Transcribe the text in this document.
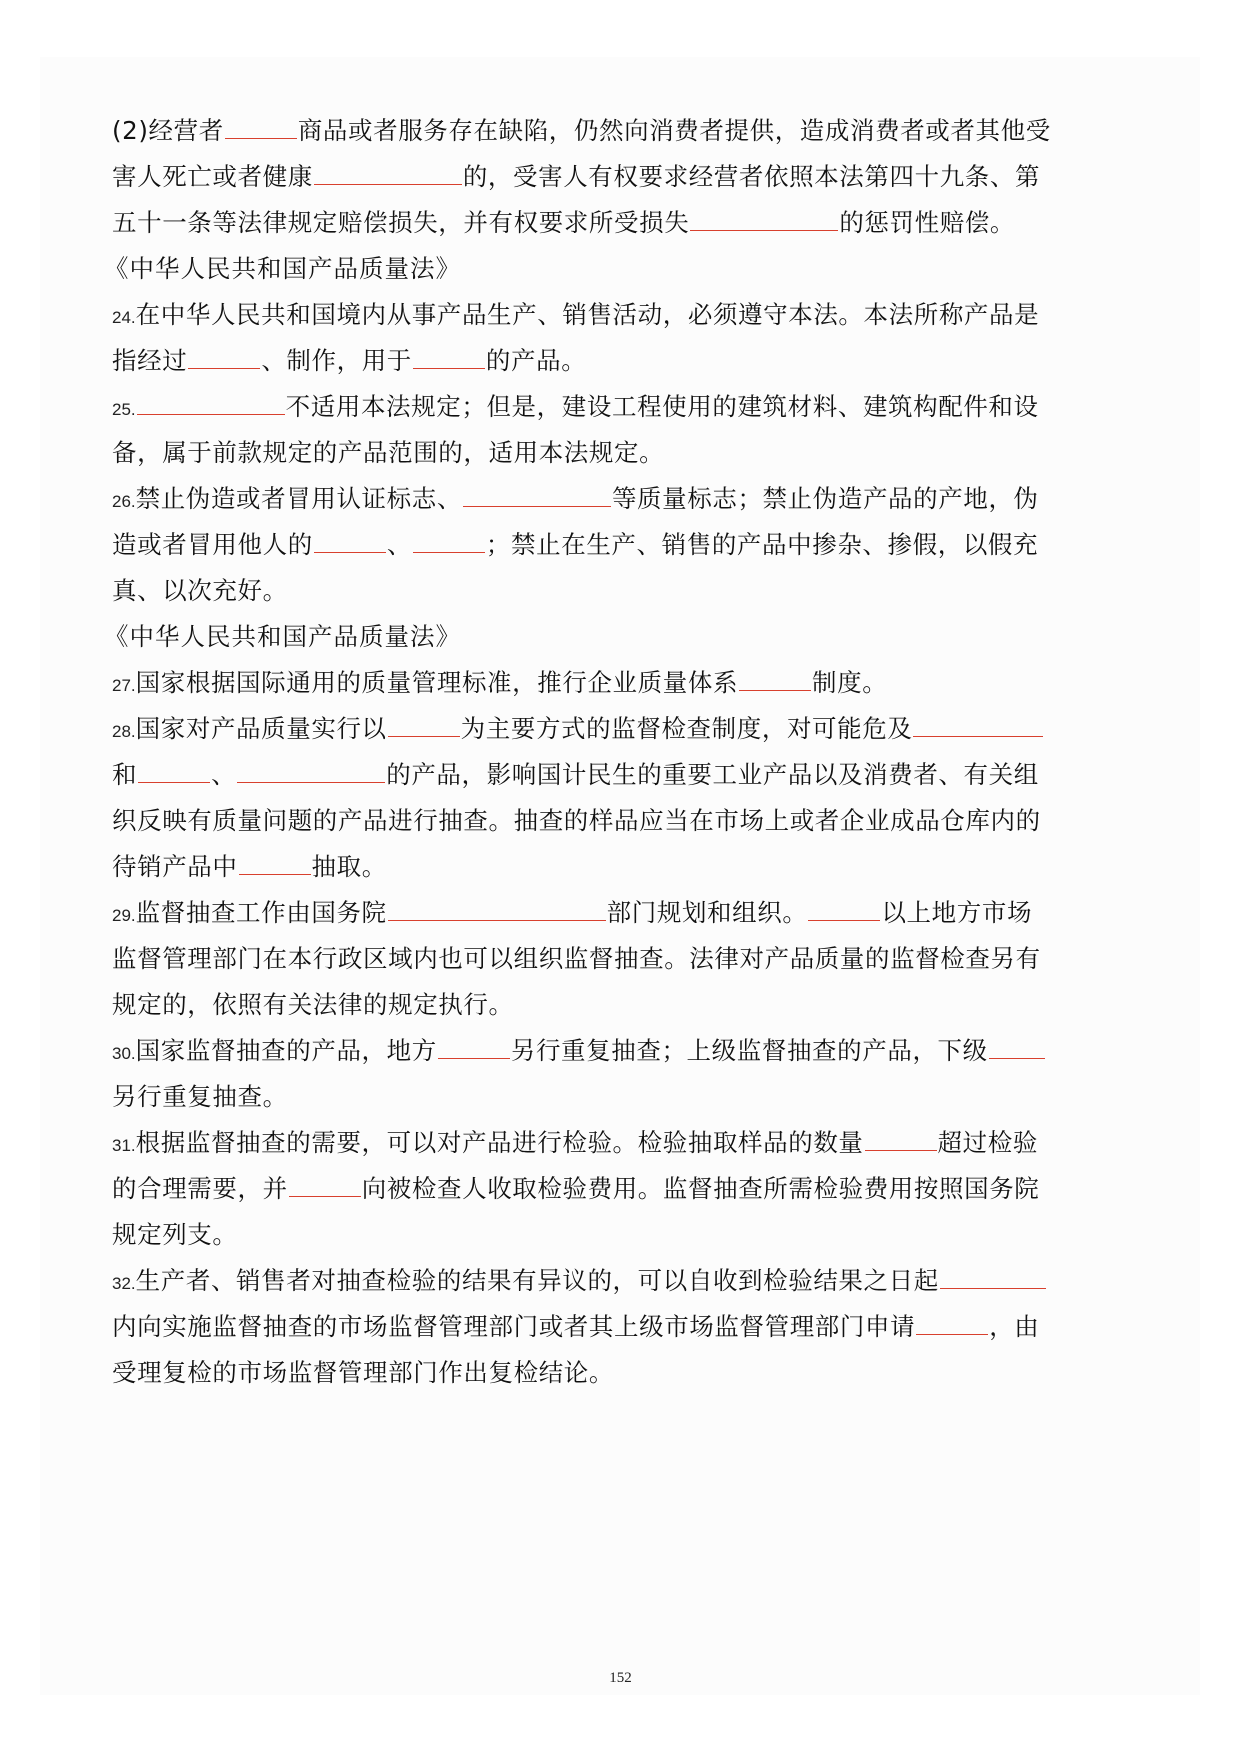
(2)经营者	商品或者服务存在缺陷，仍然向消费者提供，造成消费者或者其他受
害人死亡或者健康	的，受害人有权要求经营者依照本法第四十九条、第
五十一条等法律规定赔偿损失，并有权要求所受损失	的惩罚性赔偿。
《中华人民共和国产品质量法》
24.在中华人民共和国境内从事产品生产、销售活动，必须遵守本法。本法所称产品是
指经过	、制作，用于	的产品。
25.	不适用本法规定；但是，建设工程使用的建筑材料、建筑构配件和设
备，属于前款规定的产品范围的，适用本法规定。
26.禁止伪造或者冒用认证标志、	等质量标志；禁止伪造产品的产地，伪
造或者冒用他人的	、	；禁止在生产、销售的产品中掺杂、掺假，以假充
真、以次充好。
《中华人民共和国产品质量法》
27.国家根据国际通用的质量管理标准，推行企业质量体系	制度。
28.国家对产品质量实行以	为主要方式的监督检查制度，对可能危及
和	、	的产品，影响国计民生的重要工业产品以及消费者、有关组
织反映有质量问题的产品进行抽查。抽查的样品应当在市场上或者企业成品仓库内的
待销产品中	抽取。
29.监督抽查工作由国务院	部门规划和组织。	以上地方市场
监督管理部门在本行政区域内也可以组织监督抽查。法律对产品质量的监督检查另有
规定的，依照有关法律的规定执行。
30.国家监督抽查的产品，地方	另行重复抽查；上级监督抽查的产品，下级
另行重复抽查。
31.根据监督抽查的需要，可以对产品进行检验。检验抽取样品的数量	超过检验
的合理需要，并	向被检查人收取检验费用。监督抽查所需检验费用按照国务院
规定列支。
32.生产者、销售者对抽查检验的结果有异议的，可以自收到检验结果之日起
内向实施监督抽查的市场监督管理部门或者其上级市场监督管理部门申请	，由
受理复检的市场监督管理部门作出复检结论。
152
